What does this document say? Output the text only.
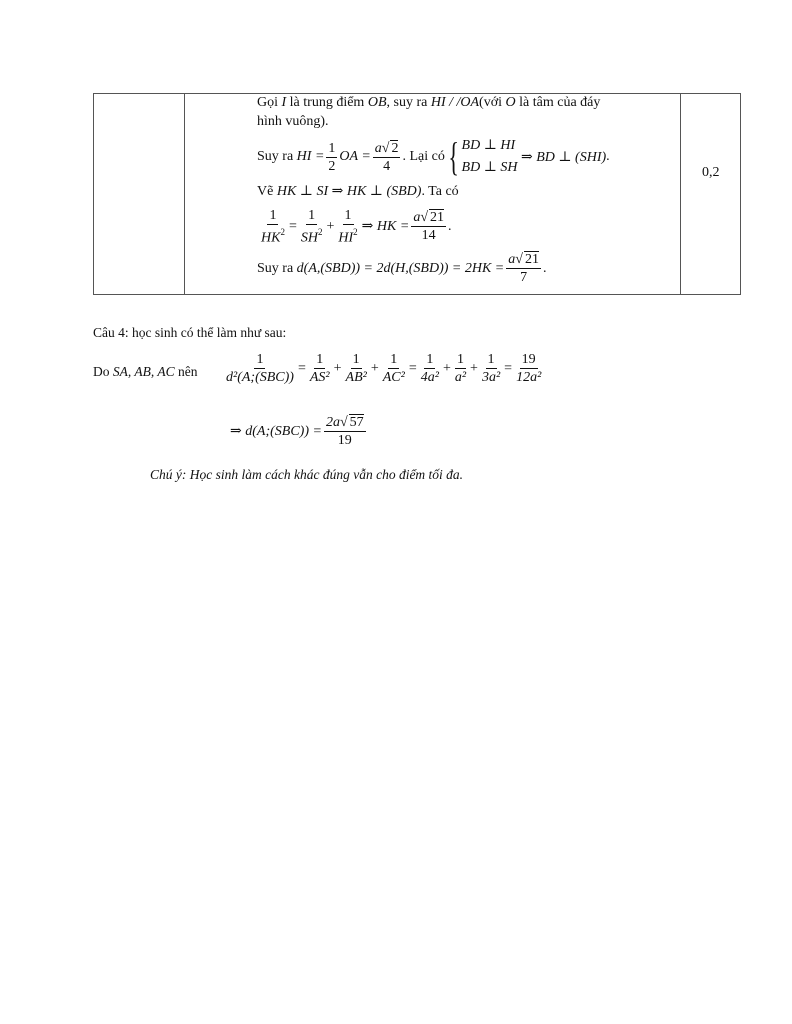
0,2
Gọi I là trung điểm OB, suy ra HI / /OA(với O là tâm của đáy
hình vuông).
Suy ra
HI = $\frac{1}{2}$ OA = $\frac{a√ 2}{4}$ . Lại có
{ BD ⊥ HI
BD ⊥ SH

⇒ BD ⊥ (SHI) .
Vẽ HK ⊥ SI ⇒ HK ⊥ (SBD). Ta có
$\frac{1}{HK^2} = \frac{1}{SH^2} + \frac{1}{HI^2}$ ⇒ HK = $\frac{a√ 21}{14}$ .
Suy ra
$d(A,(SBD)) = 2d(H,(SBD)) = 2HK = \frac{a√ 21}{7}$ .
Câu 4: học sinh có thể làm như sau:
Do SA, AB, AC nên $\frac{1}{\text{d²(A;(SBC))}} = \frac{1}{\text{AS²}} + \frac{1}{\text{AB²}} + \frac{1}{\text{AC²}} = \frac{1}{\text{4a²}} + \frac{1}{\text{a²}} + \frac{1}{\text{3a²}} = \frac{19}{\text{12a²}}$
⇒ d(A;(SBC)) = $\frac{2a√ 57}{19}$
Chú ý: Học sinh làm cách khác đúng vẫn cho điểm tối đa.
